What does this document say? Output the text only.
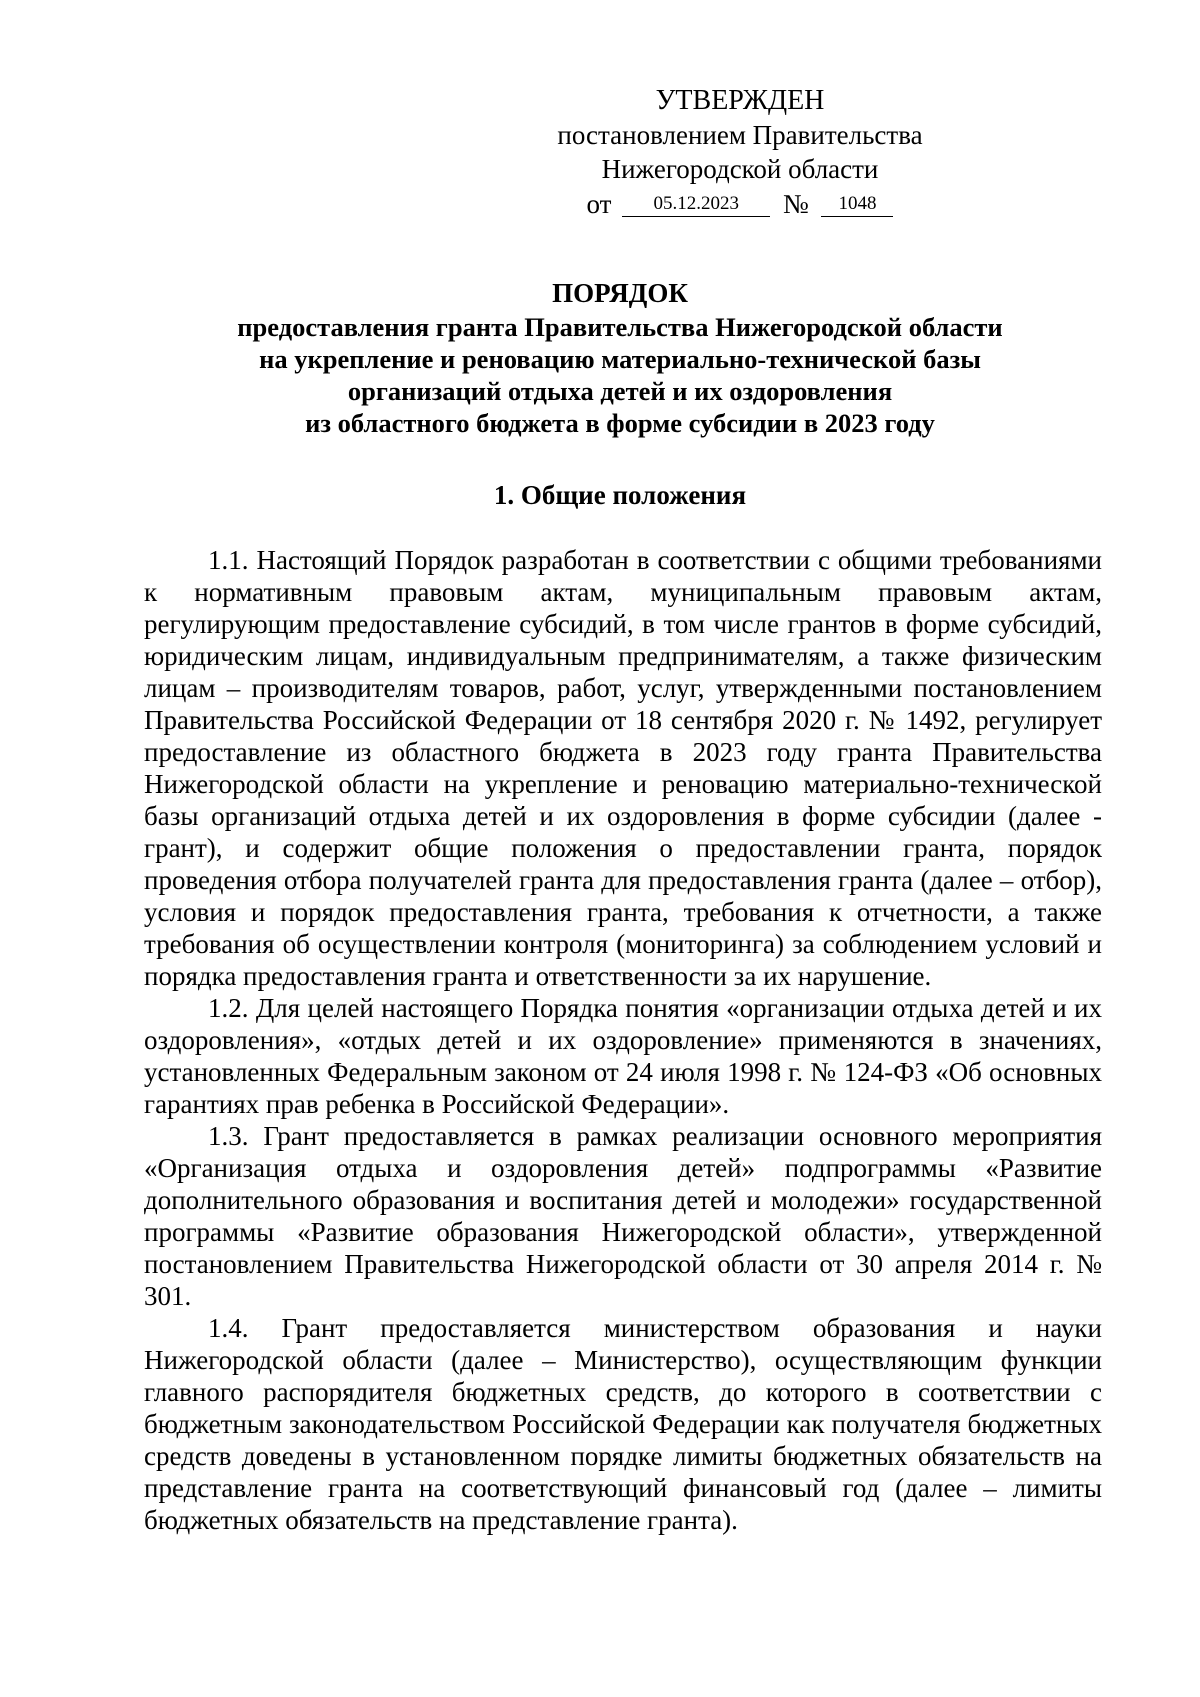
УТВЕРЖДЕН
постановлением Правительства
Нижегородской области
от 05.12.2023 № 1048
ПОРЯДОК
предоставления гранта Правительства Нижегородской области
на укрепление и реновацию материально-технической базы
организаций отдыха детей и их оздоровления
из областного бюджета в форме субсидии в 2023 году
1. Общие положения

1.1. Настоящий Порядок разработан в соответствии с общими требованиями к нормативным правовым актам, муниципальным правовым актам, регулирующим предоставление субсидий, в том числе грантов в форме субсидий, юридическим лицам, индивидуальным предпринимателям, а также физическим лицам – производителям товаров, работ, услуг, утвержденными постановлением Правительства Российской Федерации от 18 сентября 2020 г. № 1492, регулирует предоставление из областного бюджета в 2023 году гранта Правительства Нижегородской области на укрепление и реновацию материально-технической базы организаций отдыха детей и их оздоровления в форме субсидии (далее - грант), и содержит общие положения о предоставлении гранта, порядок проведения отбора получателей гранта для предоставления гранта (далее – отбор), условия и порядок предоставления гранта, требования к отчетности, а также требования об осуществлении контроля (мониторинга) за соблюдением условий и порядка предоставления гранта и ответственности за их нарушение.

1.2. Для целей настоящего Порядка понятия «организации отдыха детей и их оздоровления», «отдых детей и их оздоровление» применяются в значениях, установленных Федеральным законом от 24 июля 1998 г. № 124-ФЗ «Об основных гарантиях прав ребенка в Российской Федерации».

1.3. Грант предоставляется в рамках реализации основного мероприятия «Организация отдыха и оздоровления детей» подпрограммы «Развитие дополнительного образования и воспитания детей и молодежи» государственной программы «Развитие образования Нижегородской области», утвержденной постановлением Правительства Нижегородской области от 30 апреля 2014 г. № 301.

1.4. Грант предоставляется министерством образования и науки Нижегородской области (далее – Министерство), осуществляющим функции главного распорядителя бюджетных средств, до которого в соответствии с бюджетным законодательством Российской Федерации как получателя бюджетных средств доведены в установленном порядке лимиты бюджетных обязательств на представление гранта на соответствующий финансовый год (далее – лимиты бюджетных обязательств на представление гранта).
